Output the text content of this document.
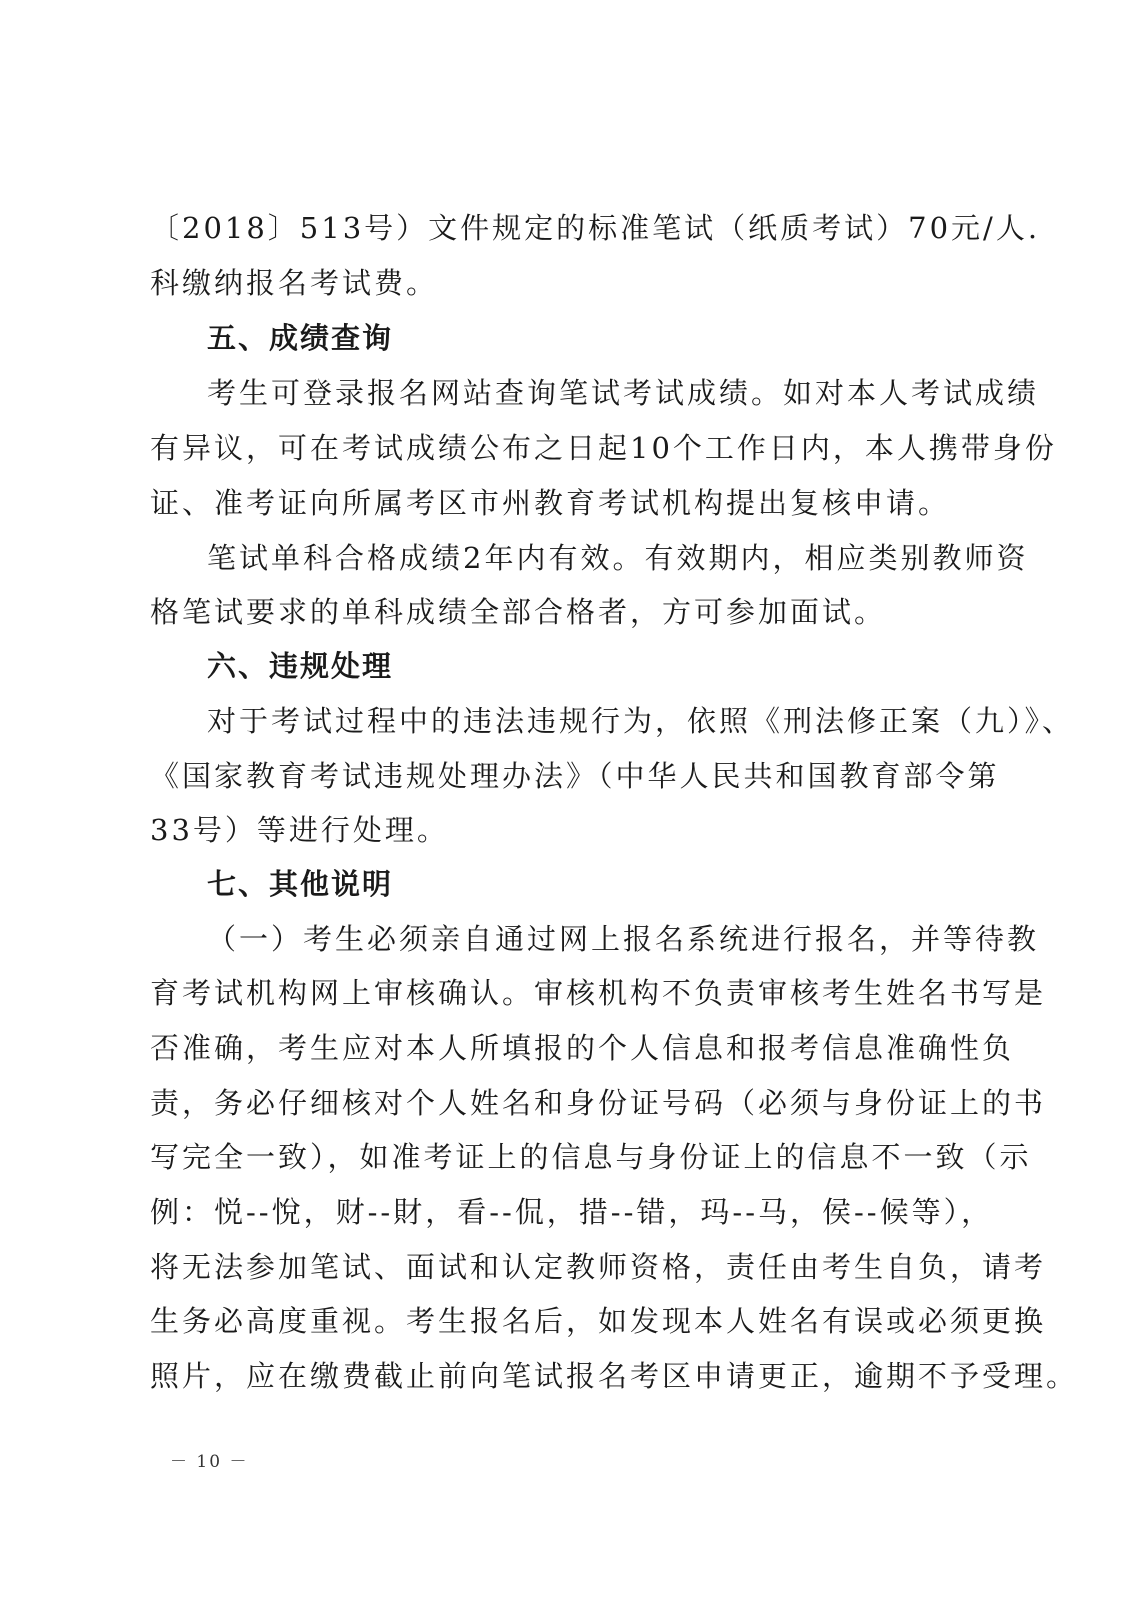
〔2018〕513号）文件规定的标准笔试（纸质考试）70元/人.
科缴纳报名考试费。
五、成绩查询
考生可登录报名网站查询笔试考试成绩。如对本人考试成绩
有异议，可在考试成绩公布之日起10个工作日内，本人携带身份
证、准考证向所属考区市州教育考试机构提出复核申请。
笔试单科合格成绩2年内有效。有效期内，相应类别教师资
格笔试要求的单科成绩全部合格者，方可参加面试。
六、违规处理
对于考试过程中的违法违规行为，依照《刑法修正案（九）》、
《国家教育考试违规处理办法》（中华人民共和国教育部令第
33号）等进行处理。
七、其他说明
（一）考生必须亲自通过网上报名系统进行报名，并等待教
育考试机构网上审核确认。审核机构不负责审核考生姓名书写是
否准确，考生应对本人所填报的个人信息和报考信息准确性负
责，务必仔细核对个人姓名和身份证号码（必须与身份证上的书
写完全一致），如准考证上的信息与身份证上的信息不一致（示
例：悦--悅，财--財，看--侃，措--错，玛--马，侯--候等），
将无法参加笔试、面试和认定教师资格，责任由考生自负，请考
生务必高度重视。考生报名后，如发现本人姓名有误或必须更换
照片，应在缴费截止前向笔试报名考区申请更正，逾期不予受理。
－ 10 －
